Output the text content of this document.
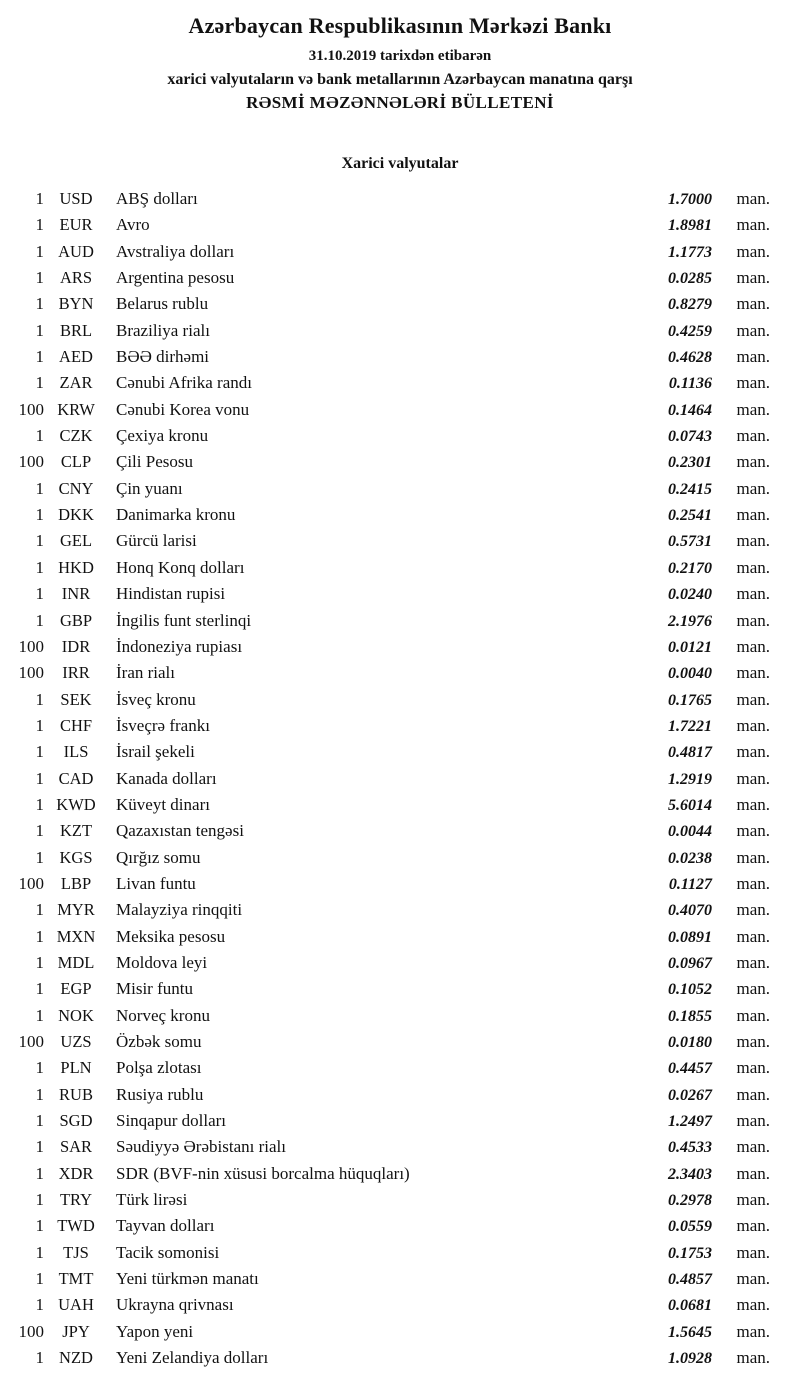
Azərbaycan Respublikasının Mərkəzi Bankı
31.10.2019 tarixdən etibarən
xarici valyutaların və bank metallarının Azərbaycan manatına qarşı
RƏSMİ MƏZƏNNƏLƏRİ BÜLLETENİ
Xarici valyutalar
1 USD	ABŞ dolları	1.7000	man.
1 EUR	Avro	1.8981	man.
1 AUD	Avstraliya dolları	1.1773	man.
1 ARS	Argentina pesosu	0.0285	man.
1 BYN	Belarus rublu	0.8279	man.
1 BRL	Braziliya rialı	0.4259	man.
1 AED	BƏƏ dirhəmi	0.4628	man.
1 ZAR	Cənubi Afrika randı	0.1136	man.
100 KRW	Cənubi Korea vonu	0.1464	man.
1 CZK	Çexiya kronu	0.0743	man.
100	CLP	Çili Pesosu	0.2301	man.
1 CNY	Çin yuanı	0.2415	man.
1 DKK	Danimarka kronu	0.2541	man.
1 GEL	Gürcü larisi	0.5731	man.
1 HKD	Honq Konq dolları	0.2170	man.
1	INR	Hindistan rupisi	0.0240	man.
1 GBP	İngilis funt sterlinqi	2.1976	man.
100	IDR	İndoneziya rupiası	0.0121	man.
100	IRR	İran rialı	0.0040	man.
1 SEK	İsveç kronu	0.1765	man.
1 CHF	İsveçrə frankı	1.7221	man.
1	ILS	İsrail şekeli	0.4817	man.
1 CAD	Kanada dolları	1.2919	man.
1 KWD	Küveyt dinarı	5.6014	man.
1 KZT	Qazaxıstan tengəsi	0.0044	man.
1 KGS	Qırğız somu	0.0238	man.
100	LBP	Livan funtu	0.1127	man.
1 MYR	Malayziya rinqqiti	0.4070	man.
1 MXN	Meksika pesosu	0.0891	man.
1 MDL	Moldova leyi	0.0967	man.
1 EGP	Misir funtu	0.1052	man.
1 NOK	Norveç kronu	0.1855	man.
100 UZS	Özbək somu	0.0180	man.
1 PLN	Polşa zlotası	0.4457	man.
1 RUB	Rusiya rublu	0.0267	man.
1 SGD	Sinqapur dolları	1.2497	man.
1 SAR	Səudiyyə Ərəbistanı rialı	0.4533	man.
1 XDR	SDR (BVF-nin xüsusi borcalma hüquqları)	2.3403	man.
1 TRY	Türk lirəsi	0.2978	man.
1 TWD	Tayvan dolları	0.0559	man.
1	TJS	Tacik somonisi	0.1753	man.
1 TMT	Yeni türkmən manatı	0.4857	man.
1 UAH	Ukrayna qrivnası	0.0681	man.
100	JPY	Yapon yeni	1.5645	man.
1 NZD	Yeni Zelandiya dolları	1.0928	man.
